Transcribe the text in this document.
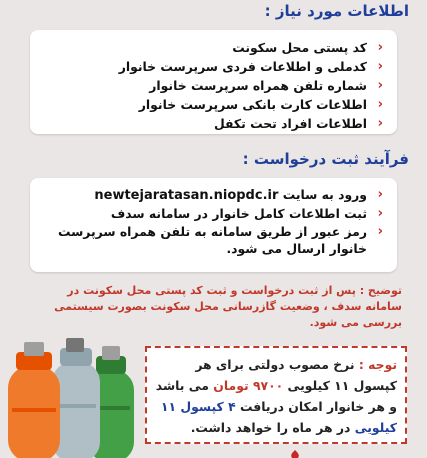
اطلاعات مورد نیاز :
‹
کد پستی محل سکونت
‹
کدملی و اطلاعات فردی سرپرست خانوار
‹
شماره تلفن همراه سرپرست خانوار
‹
اطلاعات کارت بانکی سرپرست خانوار
‹
اطلاعات افراد تحت تکفل
فرآیند ثبت درخواست :
‹
ورود به سایت newtejaratasan.niopdc.ir
‹
ثبت اطلاعات کامل خانوار در سامانه سدف
‹
رمز عبور از طریق سامانه به تلفن همراه سرپرست خانوار ارسال می شود.

توضیح : پس از ثبت درخواست و ثبت کد پستی محل سکونت در سامانه سدف ، وضعیت گازرسانی محل سکونت بصورت سیستمی بررسی می شود.

توجه : نرخ مصوب دولتی برای هر کپسول ۱۱ کیلویی ۹۷۰۰ تومان می باشد و هر خانوار امکان دریافت ۴ کپسول ۱۱ کیلویی در هر ماه را خواهد داشت.
